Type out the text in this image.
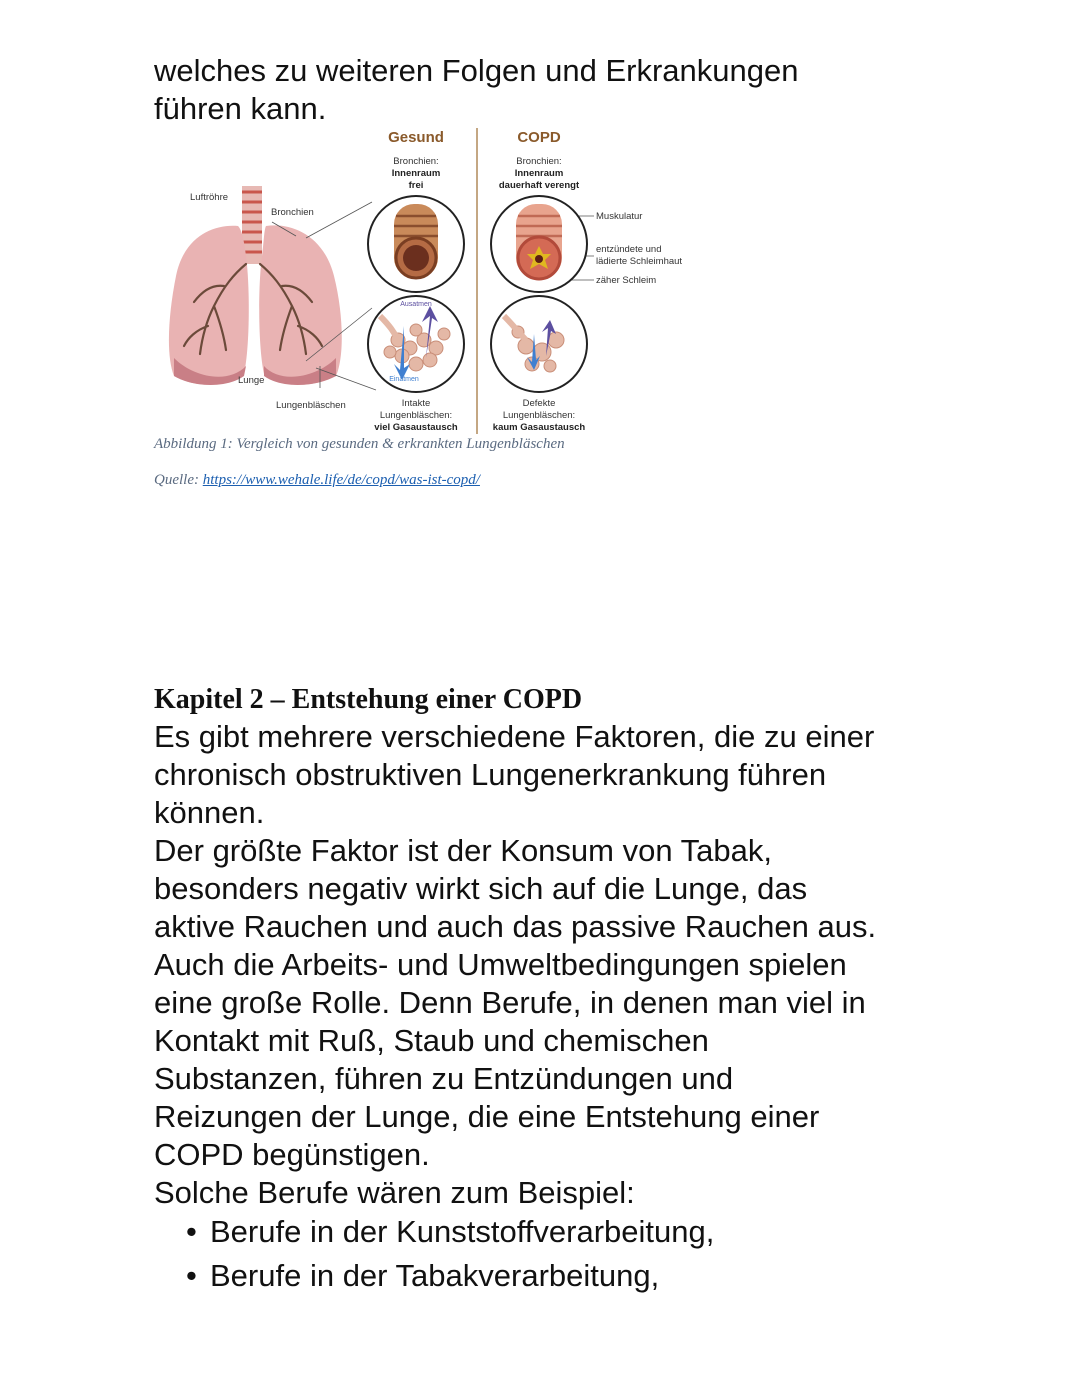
welches zu weiteren Folgen und Erkrankungen

führen kann.

Gesund	COPD
Bronchien:
Innenraum
frei
Bronchien:
Innenraum
dauerhaft verengt
Luftröhre
Bronchien
Lunge
Lungenbläschen
Ausatmen
Einatmen
Muskulatur
entzündete und
lädierte Schleimhaut
zäher Schleim
Intakte
Lungenbläschen:
viel Gasaustausch
Defekte
Lungenbläschen:
kaum Gasaustausch
Abbildung 1: Vergleich von gesunden & erkrankten Lungenbläschen
Quelle: https://www.wehale.life/de/copd/was-ist-copd/
Kapitel 2 – Entstehung einer COPD

Es gibt mehrere verschiedene Faktoren, die zu einer

chronisch obstruktiven Lungenerkrankung führen

können.

Der größte Faktor ist der Konsum von Tabak,

besonders negativ wirkt sich auf die Lunge, das

aktive Rauchen und auch das passive Rauchen aus.

Auch die Arbeits- und Umweltbedingungen spielen

eine große Rolle. Denn Berufe, in denen man viel in

Kontakt mit Ruß, Staub und chemischen

Substanzen, führen zu Entzündungen und

Reizungen der Lunge, die eine Entstehung einer

COPD begünstigen.

Solche Berufe wären zum Beispiel:

• Berufe in der Kunststoffverarbeitung,
• Berufe in der Tabakverarbeitung,
